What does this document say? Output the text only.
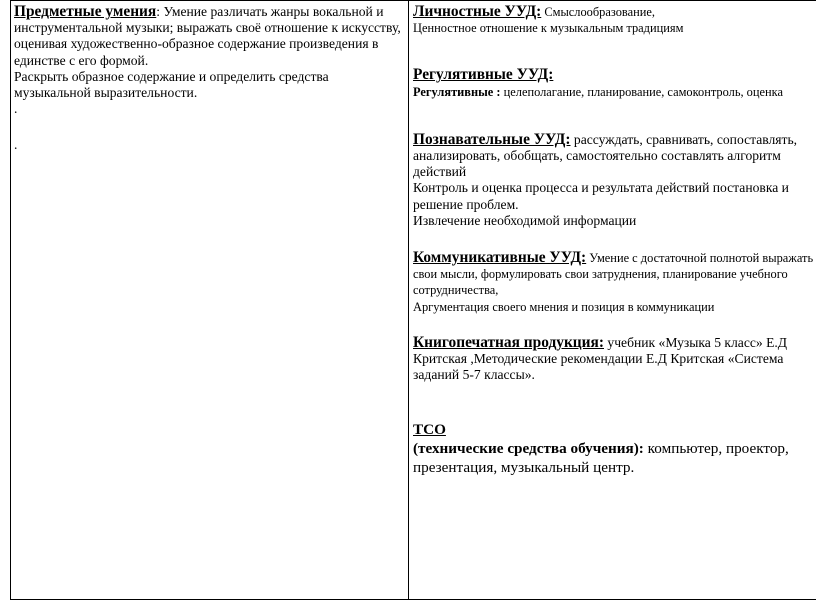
Предметные умения: Умение различать жанры вокальной и инструментальной музыки; выражать своё отношение к искусству, оценивая художественно-образное содержание произведения в единстве с его формой.
Раскрыть образное содержание и определить средства музыкальной выразительности.
.
.

Личностные УУД: Смыслообразование,
Ценностное отношение к музыкальным традициям
Регулятивные УУД:
Регулятивные : целеполагание, планирование, самоконтроль, оценка
Познавательные УУД: рассуждать, сравнивать, сопоставлять, анализировать, обобщать, самостоятельно составлять алгоритм действий
Контроль и оценка процесса и результата действий постановка и решение проблем.
Извлечение необходимой информации
Коммуникативные УУД: Умение с достаточной полнотой выражать свои мысли, формулировать свои затруднения, планирование учебного сотрудничества,
Аргументация своего мнения и позиция в коммуникации
Книгопечатная продукция: учебник «Музыка 5 класс» Е.Д Критская ,Методические рекомендации Е.Д Критская «Система заданий 5-7 классы».
ТСО
(технические средства обучения): компьютер, проектор, презентация, музыкальный центр.
